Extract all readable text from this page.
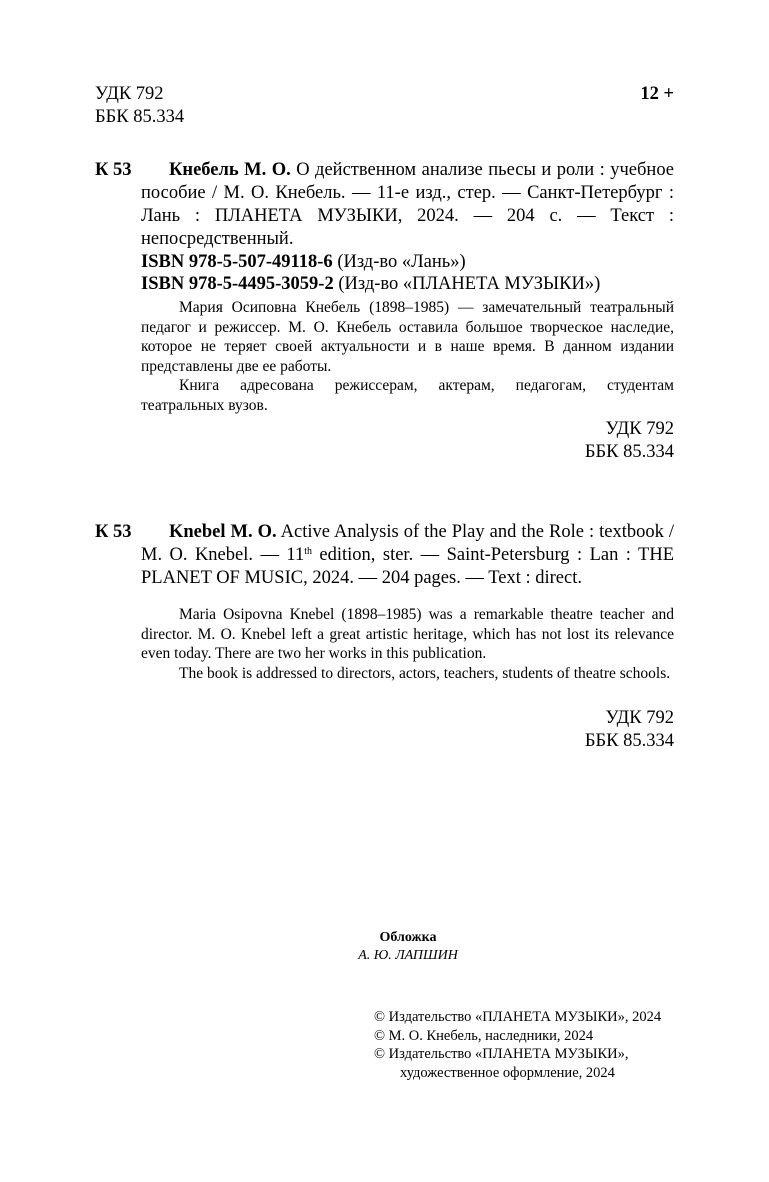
УДК 792
ББК 85.334
12 +
К 53	Кнебель М. О. О действенном анализе пьесы и роли : учебное пособие / М. О. Кнебель. — 11-е изд., стер. — Санкт-Петербург : Лань : ПЛАНЕТА МУЗЫКИ, 2024. — 204 с. — Текст : непосредственный.
ISBN 978-5-507-49118-6 (Изд-во «Лань»)
ISBN 978-5-4495-3059-2 (Изд-во «ПЛАНЕТА МУЗЫКИ»)

Мария Осиповна Кнебель (1898–1985) — замечательный театральный педагог и режиссер. М. О. Кнебель оставила большое творческое наследие, которое не теряет своей актуальности и в наше время. В данном издании представлены две ее работы.

Книга адресована режиссерам, актерам, педагогам, студентам театральных вузов.

УДК 792
ББК 85.334
К 53	Knebel M. O. Active Analysis of the Play and the Role : textbook / M. O. Knebel. — 11th edition, ster. — Saint-Petersburg : Lan : THE PLANET OF MUSIC, 2024. — 204 pages. — Text : direct.

Maria Osipovna Knebel (1898–1985) was a remarkable theatre teacher and director. M. O. Knebel left a great artistic heritage, which has not lost its relevance even today. There are two her works in this publication.

The book is addressed to directors, actors, teachers, students of theatre schools.

УДК 792
ББК 85.334
Обложка
А. Ю. ЛАПШИН
© Издательство «ПЛАНЕТА МУЗЫКИ», 2024
© М. О. Кнебель, наследники, 2024
© Издательство «ПЛАНЕТА МУЗЫКИ»,
художественное оформление, 2024
